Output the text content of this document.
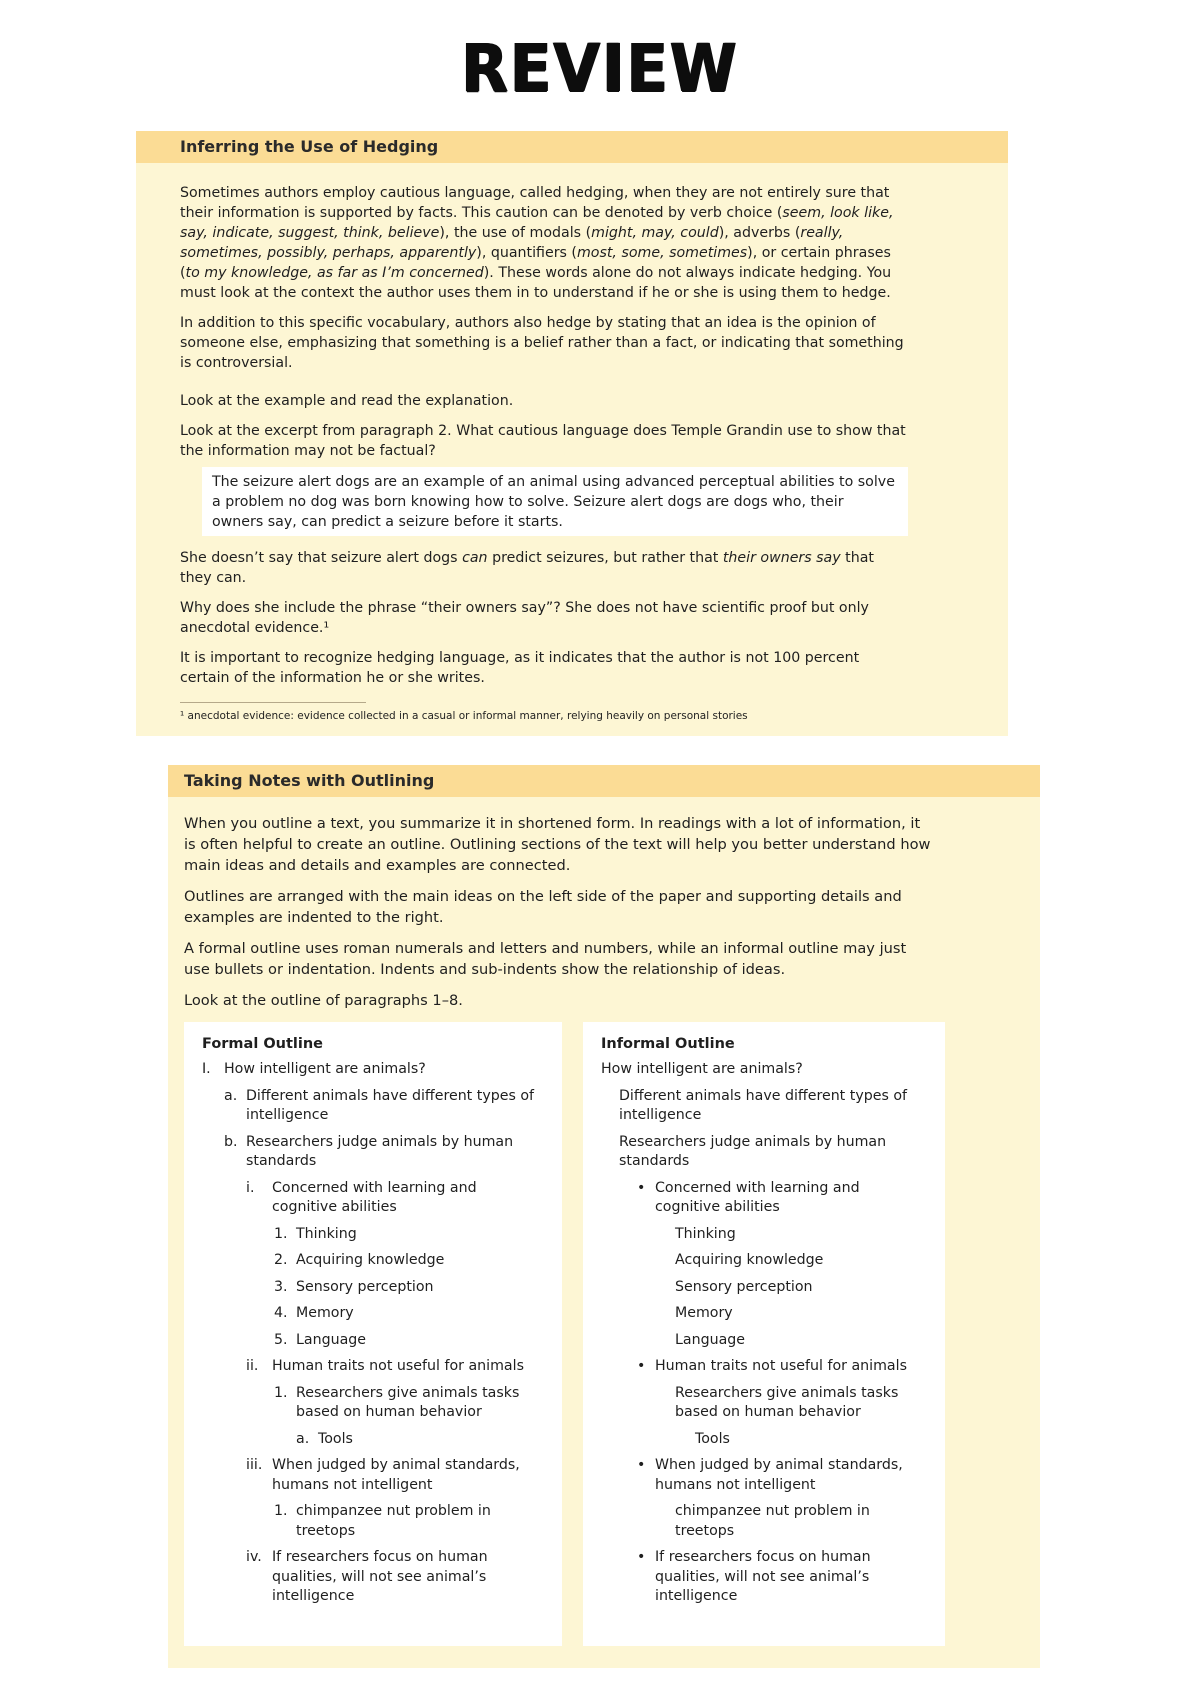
REVIEW
Inferring the Use of Hedging

Sometimes authors employ cautious language, called hedging, when they are not entirely sure that their information is supported by facts. This caution can be denoted by verb choice (seem, look like, say, indicate, suggest, think, believe), the use of modals (might, may, could), adverbs (really, sometimes, possibly, perhaps, apparently), quantifiers (most, some, sometimes), or certain phrases (to my knowledge, as far as I’m concerned). These words alone do not always indicate hedging. You must look at the context the author uses them in to understand if he or she is using them to hedge.

In addition to this specific vocabulary, authors also hedge by stating that an idea is the opinion of someone else, emphasizing that something is a belief rather than a fact, or indicating that something is controversial.

Look at the example and read the explanation.

Look at the excerpt from paragraph 2. What cautious language does Temple Grandin use to show that the information may not be factual?

The seizure alert dogs are an example of an animal using advanced perceptual abilities to solve a problem no dog was born knowing how to solve. Seizure alert dogs are dogs who, their owners say, can predict a seizure before it starts.

She doesn’t say that seizure alert dogs can predict seizures, but rather that their owners say that they can.

Why does she include the phrase “their owners say”? She does not have scientific proof but only anecdotal evidence.¹

It is important to recognize hedging language, as it indicates that the author is not 100 percent certain of the information he or she writes.

¹ anecdotal evidence: evidence collected in a casual or informal manner, relying heavily on personal stories

Taking Notes with Outlining

When you outline a text, you summarize it in shortened form. In readings with a lot of information, it is often helpful to create an outline. Outlining sections of the text will help you better understand how main ideas and details and examples are connected.

Outlines are arranged with the main ideas on the left side of the paper and supporting details and examples are indented to the right.

A formal outline uses roman numerals and letters and numbers, while an informal outline may just use bullets or indentation. Indents and sub-indents show the relationship of ideas.

Look at the outline of paragraphs 1–8.

Formal Outline
I. How intelligent are animals?
a. Different animals have different types of intelligence
b. Researchers judge animals by human standards
i.	Concerned with learning and cognitive abilities
1. Thinking
2. Acquiring knowledge
3. Sensory perception
4. Memory
5. Language
ii. Human traits not useful for animals
1. Researchers give animals tasks based on human behavior
a. Tools
iii. When judged by animal standards, humans not intelligent
1. chimpanzee nut problem in treetops
iv. If researchers focus on human qualities, will not see animal’s intelligence
Informal Outline
How intelligent are animals?
Different animals have different types of intelligence
Researchers judge animals by human standards
• Concerned with learning and cognitive abilities
Thinking
Acquiring knowledge
Sensory perception
Memory
Language
• Human traits not useful for animals
Researchers give animals tasks based on human behavior
Tools
• When judged by animal standards, humans not intelligent
chimpanzee nut problem in treetops
• If researchers focus on human qualities, will not see animal’s intelligence
